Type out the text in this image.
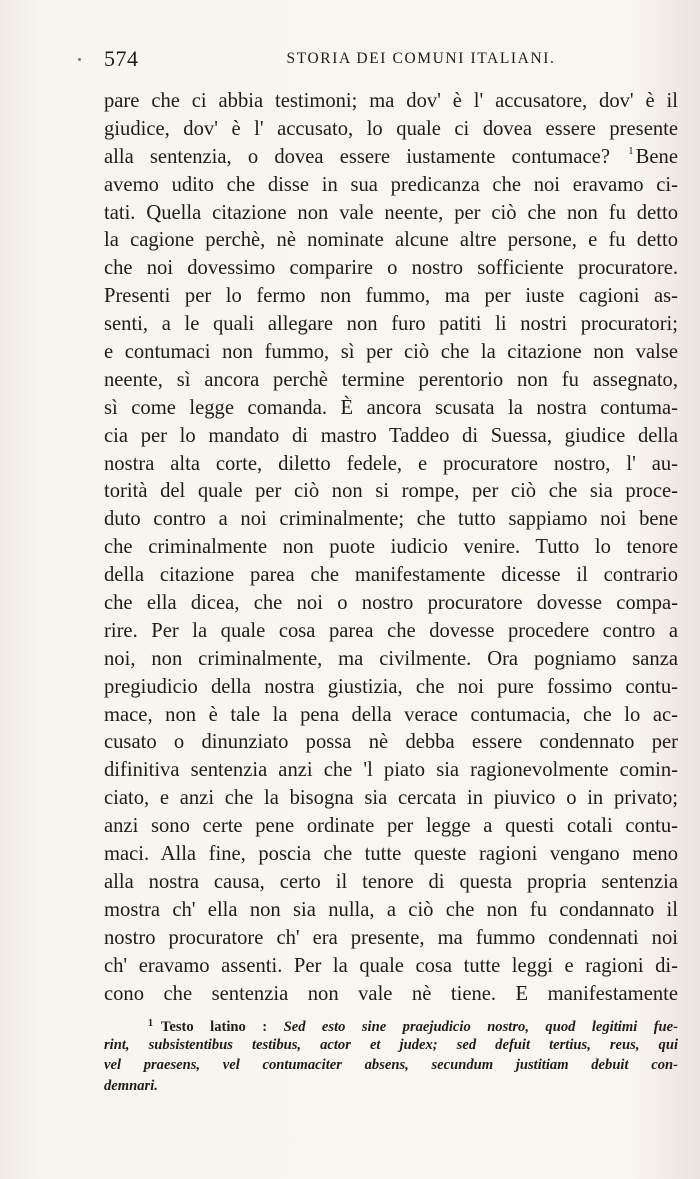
574	STORIA DEI COMUNI ITALIANI.
pare che ci abbia testimoni; ma dov' è l' accusatore, dov' è il
giudice, dov' è l' accusato, lo quale ci dovea essere presente
alla sentenzia, o dovea essere iustamente contumace? $^1$Bene
avemo udito che disse in sua predicanza che noi eravamo ci-
tati. Quella citazione non vale neente, per ciò che non fu detto
la cagione perchè, nè nominate alcune altre persone, e fu detto
che noi dovessimo comparire o nostro sofficiente procuratore.
Presenti per lo fermo non fummo, ma per iuste cagioni as-
senti, a le quali allegare non furo patiti li nostri procuratori;
e contumaci non fummo, sì per ciò che la citazione non valse
neente, sì ancora perchè termine perentorio non fu assegnato,
sì come legge comanda. È ancora scusata la nostra contuma-
cia per lo mandato di mastro Taddeo di Suessa, giudice della
nostra alta corte, diletto fedele, e procuratore nostro, l' au-
torità del quale per ciò non si rompe, per ciò che sia proce-
duto contro a noi criminalmente; che tutto sappiamo noi bene
che criminalmente non puote iudicio venire. Tutto lo tenore
della citazione parea che manifestamente dicesse il contrario
che ella dicea, che noi o nostro procuratore dovesse compa-
rire. Per la quale cosa parea che dovesse procedere contro a
noi, non criminalmente, ma civilmente. Ora pogniamo sanza
pregiudicio della nostra giustizia, che noi pure fossimo contu-
mace, non è tale la pena della verace contumacia, che lo ac-
cusato o dinunziato possa nè debba essere condennato per
difinitiva sentenzia anzi che 'l piato sia ragionevolmente comin-
ciato, e anzi che la bisogna sia cercata in piuvico o in privato;
anzi sono certe pene ordinate per legge a questi cotali contu-
maci. Alla fine, poscia che tutte queste ragioni vengano meno
alla nostra causa, certo il tenore di questa propria sentenzia
mostra ch' ella non sia nulla, a ciò che non fu condannato il
nostro procuratore ch' era presente, ma fummo condennati noi
ch' eravamo assenti. Per la quale cosa tutte leggi e ragioni di-
cono che sentenzia non vale nè tiene. E manifestamente
$^1$ Testo latino : Sed esto sine praejudicio nostro, quod legitimi fue-
rint, subsistentibus testibus, actor et judex; sed defuit tertius, reus, qui
vel praesens, vel contumaciter absens, secundum justitiam debuit con-
demnari.
